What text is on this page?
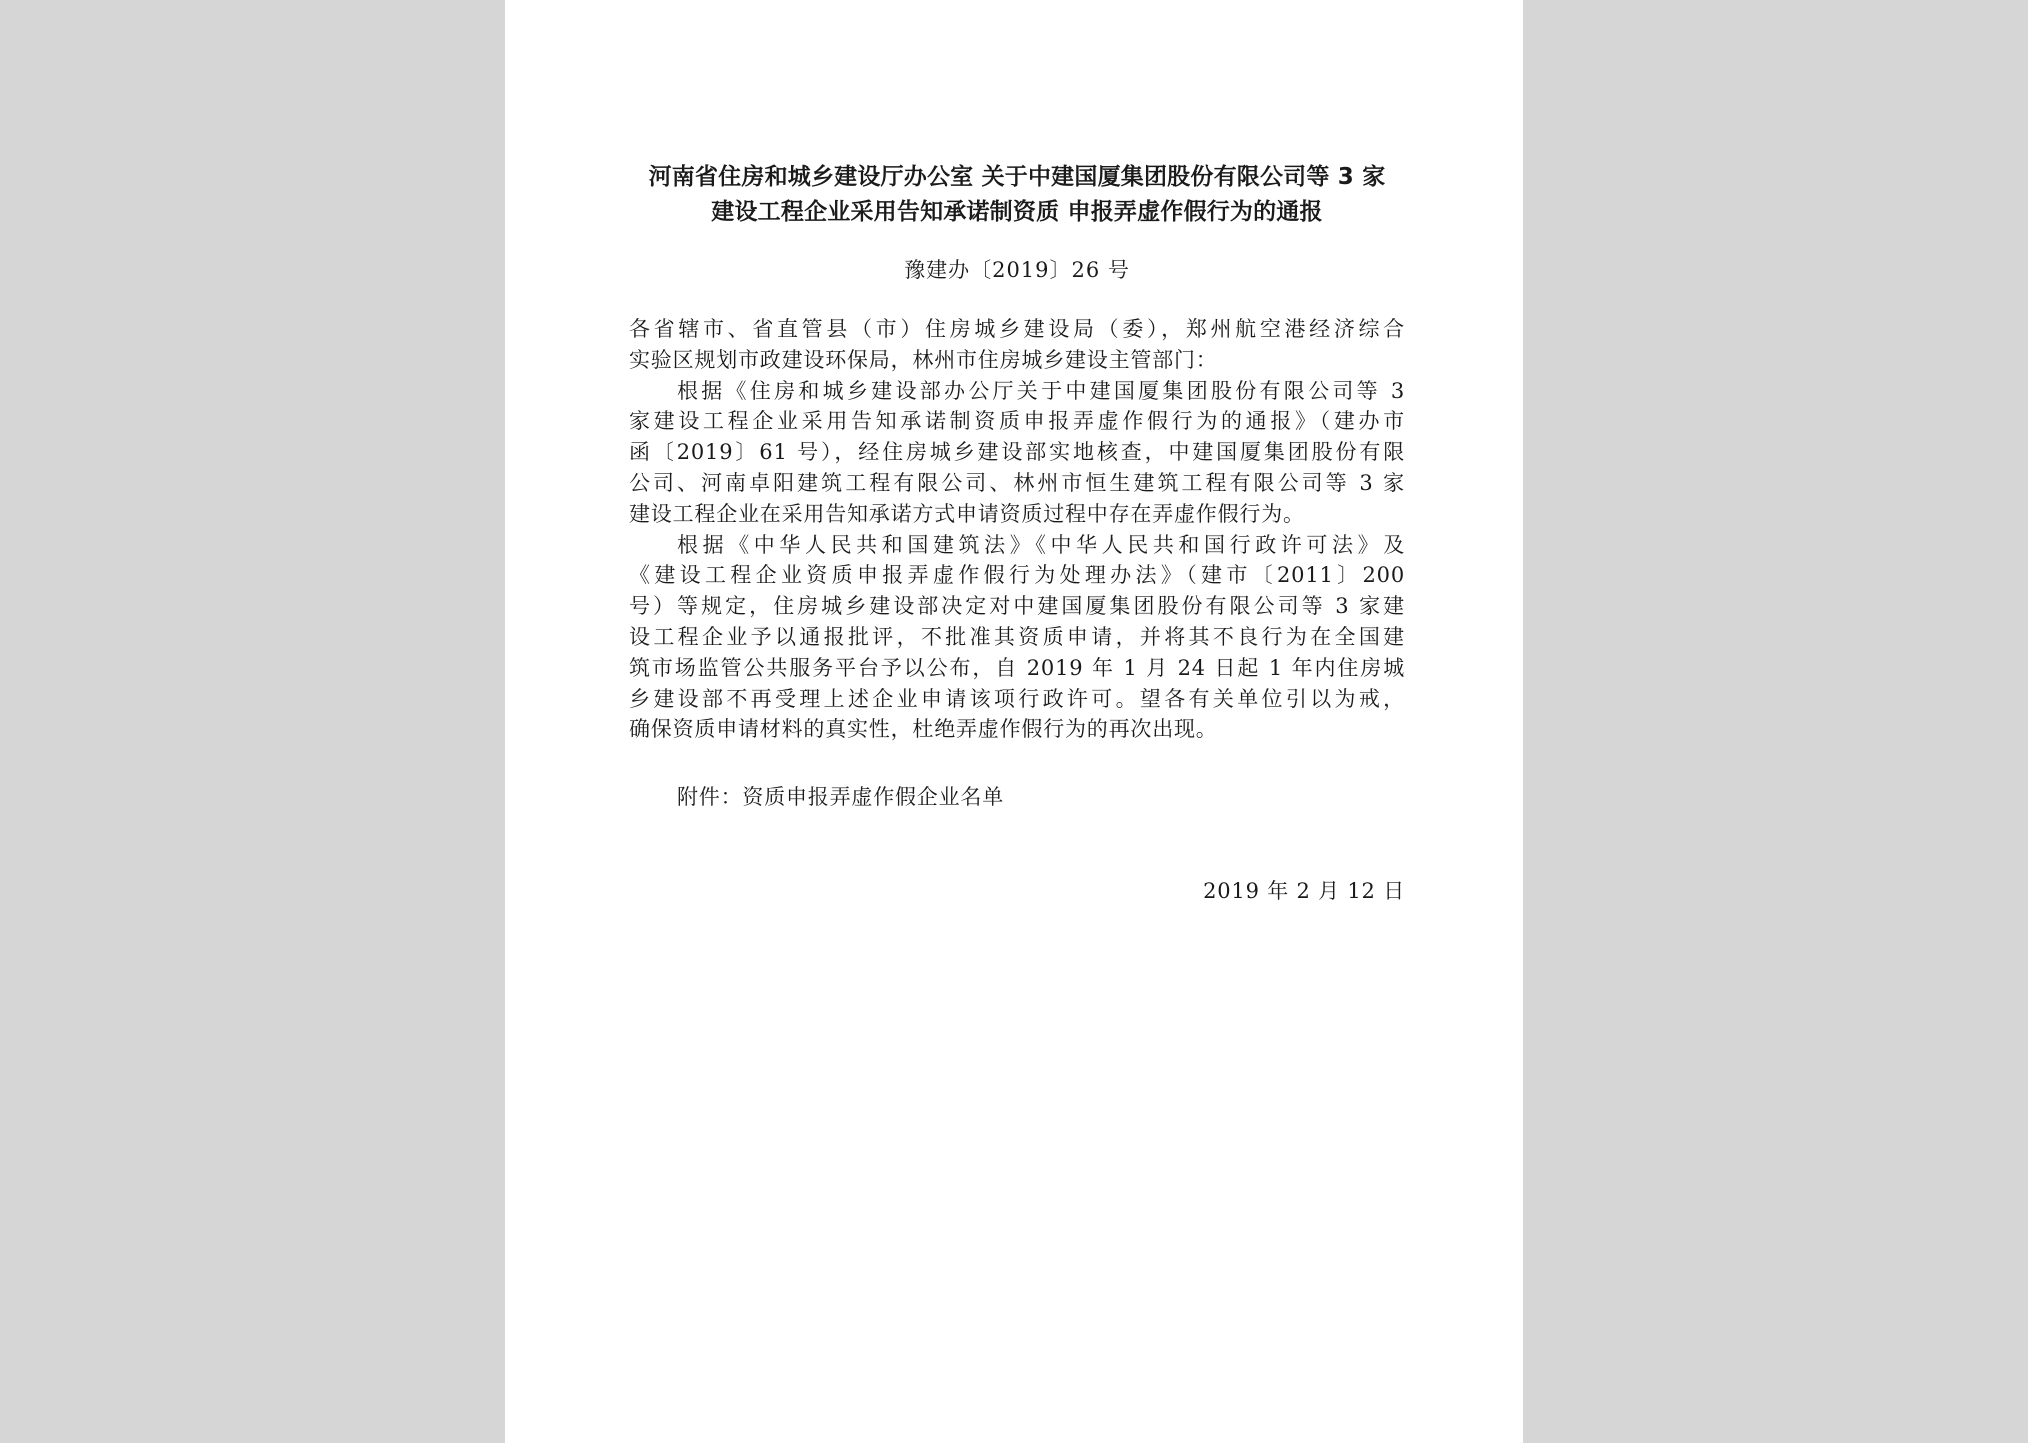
河南省住房和城乡建设厅办公室 关于中建国厦集团股份有限公司等 3 家
建设工程企业采用告知承诺制资质 申报弄虚作假行为的通报
豫建办〔2019〕26 号
各省辖市、省直管县（市）住房城乡建设局（委），郑州航空港经济综合
实验区规划市政建设环保局，林州市住房城乡建设主管部门：
根据《住房和城乡建设部办公厅关于中建国厦集团股份有限公司等 3
家建设工程企业采用告知承诺制资质申报弄虚作假行为的通报》（建办市
函〔2019〕61 号），经住房城乡建设部实地核查，中建国厦集团股份有限
公司、河南卓阳建筑工程有限公司、林州市恒生建筑工程有限公司等 3 家
建设工程企业在采用告知承诺方式申请资质过程中存在弄虚作假行为。
根据《中华人民共和国建筑法》《中华人民共和国行政许可法》及
《建设工程企业资质申报弄虚作假行为处理办法》（建市〔2011〕200
号）等规定，住房城乡建设部决定对中建国厦集团股份有限公司等 3 家建
设工程企业予以通报批评，不批准其资质申请，并将其不良行为在全国建
筑市场监管公共服务平台予以公布，自 2019 年 1 月 24 日起 1 年内住房城
乡建设部不再受理上述企业申请该项行政许可。望各有关单位引以为戒，
确保资质申请材料的真实性，杜绝弄虚作假行为的再次出现。
附件：资质申报弄虚作假企业名单
2019 年 2 月 12 日
